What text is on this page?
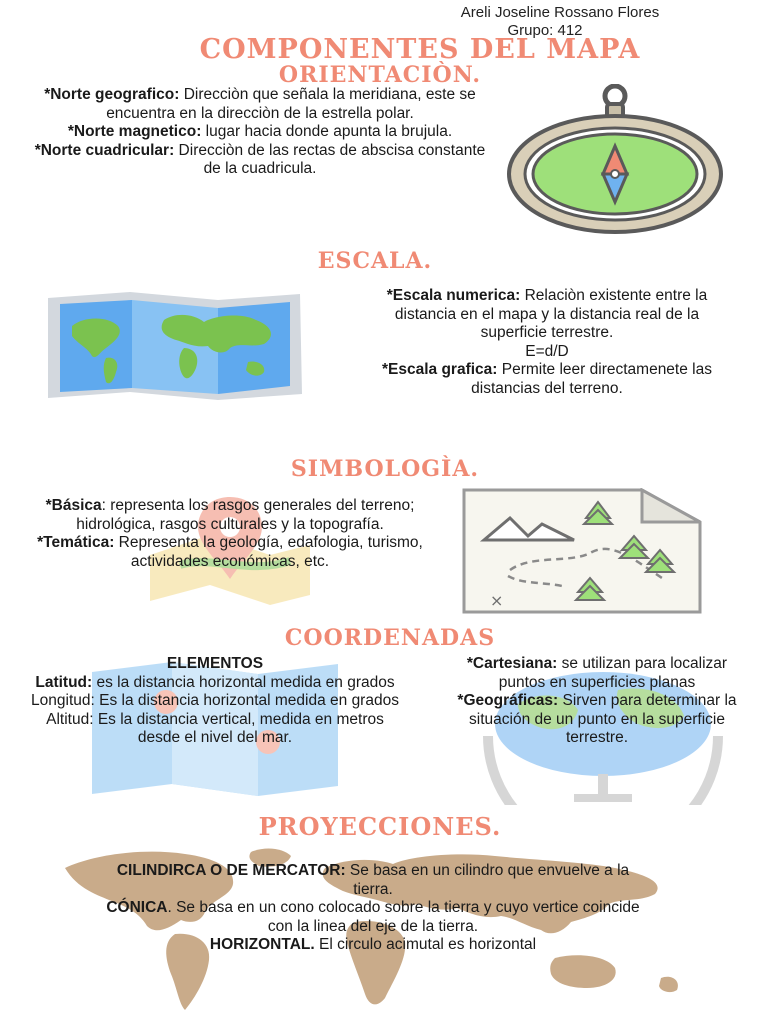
Areli Joseline Rossano Flores
Grupo: 412
COMPONENTES DEL MAPA
ORIENTACIÒN.
*Norte geografico: Direcciòn que señala la meridiana, este se encuentra en la direcciòn de la estrella polar.
*Norte magnetico: lugar hacia donde apunta la brujula.
*Norte cuadricular: Direcciòn de las rectas de abscisa constante de la cuadricula.
ESCALA.
*Escala numerica: Relaciòn existente entre la distancia en el mapa y la distancia real de la superficie terrestre.
E=d/D
*Escala grafica: Permite leer directamenete las distancias del terreno.
SIMBOLOGÌA.
*Básica: representa los rasgos generales del terreno; hidrológica, rasgos culturales y la topografía.
*Temática: Representa la geología, edafologia, turismo, actividades económicas, etc.
×
COORDENADAS
ELEMENTOS
Latitud: es la distancia horizontal medida en grados
Longitud: Es la distancia horizontal medida en grados
Altitud: Es la distancia vertical, medida en metros desde el nivel del mar.
*Cartesiana: se utilizan para localizar puntos en superficies planas
*Geográficas: Sirven para determinar la situación de un punto en la superficie terrestre.
PROYECCIONES.
CILINDIRCA O DE MERCATOR: Se basa en un cilindro que envuelve a la tierra.
CÓNICA. Se basa en un cono colocado sobre la tierra y cuyo vertice coincide con la linea del eje de la tierra.
HORIZONTAL. El circulo acimutal es horizontal
